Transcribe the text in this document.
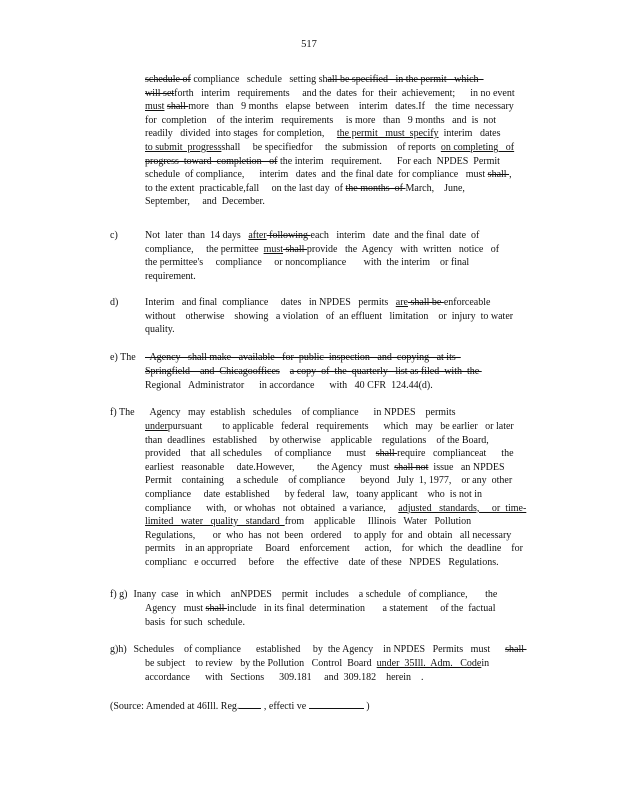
517
schedule of compliance   schedule   setting shall be specified   in the permit   which
will setforth   interim   requirements     and the  dates  for  their  achievement;      in no event
must shall more   than   9 months   elapse  between    interim   dates.If    the  time  necessary
for  completion    of  the interim   requirements     is more   than   9 months   and  is  not
readily   divided  into stages  for completion,     the permit   must  specify  interim   dates
to submit  progressshall     be specifiedfor     the  submission    of reports  on completing   of
progress  toward  completion   of the interim   requirement.      For each  NPDES  Permit
schedule  of compliance,      interim   dates  and  the final date  for compliance   must shall ,
to the extent  practicable,fall     on the last day  of the months  of March,    June,
September,     and  December.
c)	Not  later  than  14 days   after following each   interim   date  and the final  date  of
compliance,     the permittee  must shall provide   the  Agency   with  written   notice   of
the permittee's     compliance     or noncompliance       with  the interim    or final
requirement.
d)	Interim   and final  compliance     dates   in NPDES   permits   are shall be enforceable
without    otherwise    showing   a violation   of  an effluent   limitation    or  injury  to water
quality.
e) The Agency   shall make   available   for  public  inspection   and  copying   at its
Springfield    and  Chicagooffices a copy  of  the  quarterly   list as filed  with  the
Regional   Administrator      in accordance      with   40 CFR  124.44(d).
f) The Agency   may  establish   schedules    of compliance      in NPDES    permits
underpursuant        to applicable   federal   requirements      which   may   be earlier   or later
than  deadlines   established     by otherwise    applicable    regulations    of the Board,
provided    that  all schedules     of compliance      must    shall require   complianceat      the
earliest   reasonable     date.However,         the Agency   must  shall not  issue   an NPDES
Permit    containing     a schedule    of compliance      beyond   July  1, 1977,    or any  other
compliance     date  established      by federal   law,   toany applicant    who  is not in
compliance      with,   or whohas   not  obtained   a variance,     adjusted   standards,     or  time-
limited   water   quality   standard  from    applicable     Illinois   Water   Pollution
Regulations,       or  who  has  not  been   ordered     to apply  for  and  obtain   all necessary
permits    in an appropriate     Board    enforcement      action,    for  which   the  deadline    for
complianc   e occurred     before     the  effective    date  of these   NPDES   Regulations.
f) g) Inany  case   in which    anNPDES    permit   includes    a schedule   of compliance,       the
Agency   must shall include   in its final  determination       a statement     of the  factual
basis  for such  schedule.
g)h) Schedules    of compliance      established     by  the Agency    in NPDES   Permits   must      shall
be subject    to review   by the Pollution   Control  Board  under  35Ill.  Adm.   Codein
accordance      with   Sections      309.181     and  309.182    herein    .
(Source: Amended at 46Ill. Reg. , effecti ve	)
